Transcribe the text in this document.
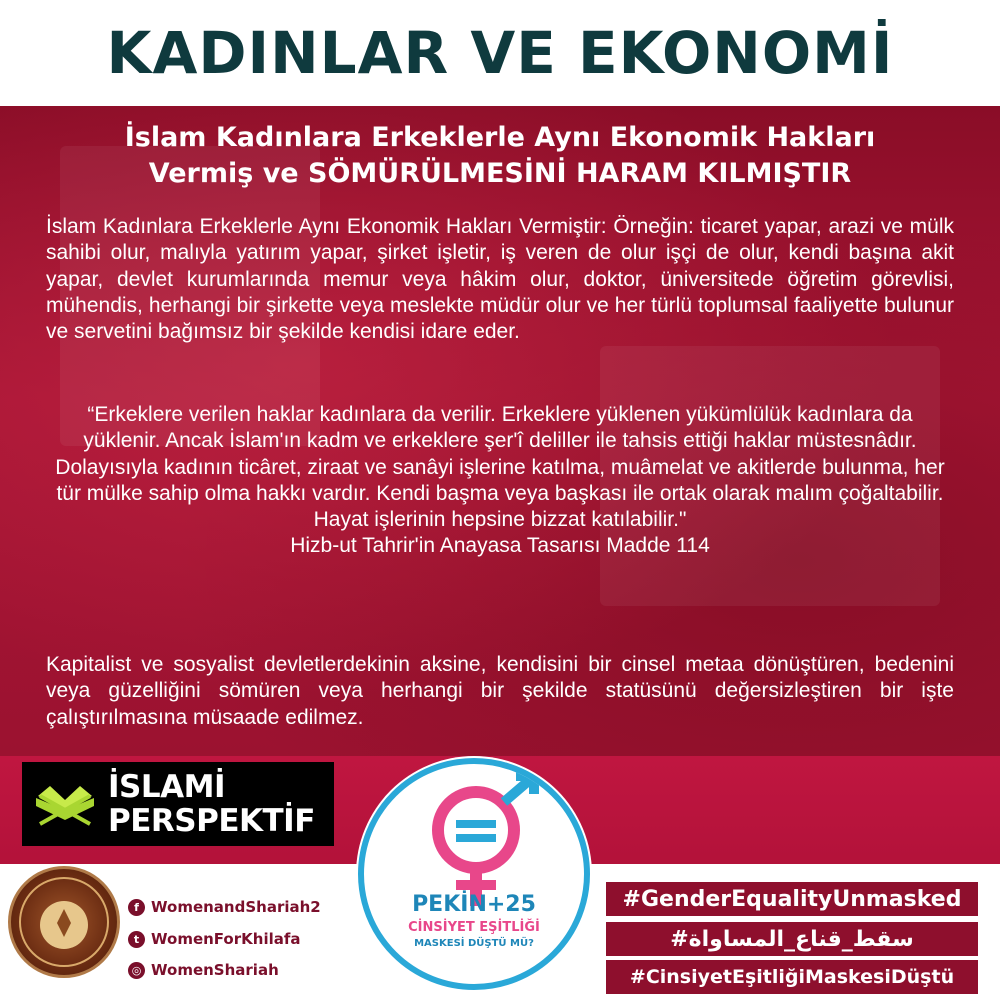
KADINLAR VE EKONOMİ
İslam Kadınlara Erkeklerle Aynı Ekonomik Hakları
Vermiş ve SÖMÜRÜLMESİNİ HARAM KILMIŞTIR

İslam Kadınlara Erkeklerle Aynı Ekonomik Hakları Vermiştir: Örneğin: ticaret yapar, arazi ve mülk sahibi olur, malıyla yatırım yapar, şirket işletir, iş veren de olur işçi de olur, kendi başına akit yapar, devlet kurumlarında memur veya hâkim olur, doktor, üniversitede öğretim görevlisi, mühendis, herhangi bir şirkette veya meslekte müdür olur ve her türlü toplumsal faaliyette bulunur ve servetini bağımsız bir şekilde kendisi idare eder.

“Erkeklere verilen haklar kadınlara da verilir. Erkeklere yüklenen yükümlülük kadınlara da yüklenir. Ancak İslam'ın kadm ve erkeklere şer'î deliller ile tahsis ettiği haklar müstesnâdır. Dolayısıyla kadının ticâret, ziraat ve sanâyi işlerine katılma, muâmelat ve akitlerde bulunma, her tür mülke sahip olma hakkı vardır. Kendi başma veya başkası ile ortak olarak malım çoğaltabilir. Hayat işlerinin hepsine bizzat katılabilir."

Hizb-ut Tahrir'in Anayasa Tasarısı Madde 114

Kapitalist ve sosyalist devletlerdekinin aksine, kendisini bir cinsel metaa dönüştüren, bedenini veya güzelliğini sömüren veya herhangi bir şekilde statüsünü değersizleştiren bir işte çalıştırılmasına müsaade edilmez.

İSLAMİ
PERSPEKTİF
PEKİN+25
CİNSİYET EŞİTLİĞİ
MASKESİ DÜŞTÜ MÜ?
f WomenandShariah2
t WomenForKhilafa
◎ WomenShariah
#GenderEqualityUnmasked
#سقط_قناع_المساواة
#CinsiyetEşitliğiMaskesiDüştü
